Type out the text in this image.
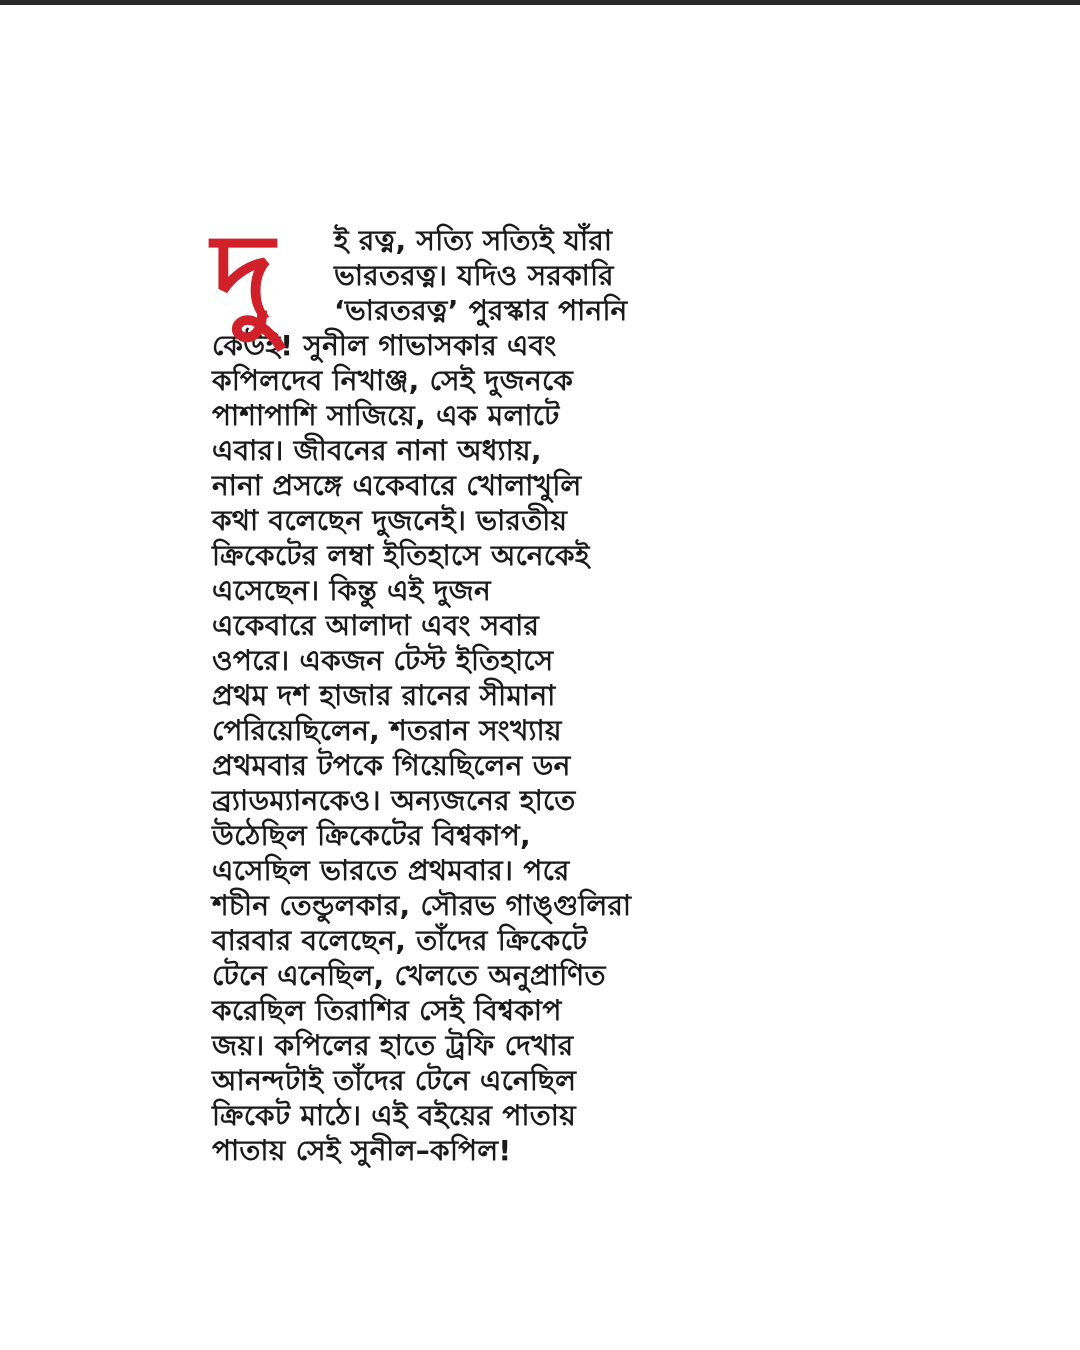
দু	ই রত্ন, সত্যি সত্যিই যাঁরা
ভারতরত্ন। যদিও সরকারি
‘ভারতরত্ন’ পুরস্কার পাননি
কেউই! সুনীল গাভাসকার এবং
কপিলদেব নিখাঞ্জ, সেই দুজনকে
পাশাপাশি সাজিয়ে, এক মলাটে
এবার। জীবনের নানা অধ্যায়,
নানা প্রসঙ্গে একেবারে খোলাখুলি
কথা বলেছেন দুজনেই। ভারতীয়
ক্রিকেটের লম্বা ইতিহাসে অনেকেই
এসেছেন। কিন্তু এই দুজন
একেবারে আলাদা এবং সবার
ওপরে। একজন টেস্ট ইতিহাসে
প্রথম দশ হাজার রানের সীমানা
পেরিয়েছিলেন, শতরান সংখ্যায়
প্রথমবার টপকে গিয়েছিলেন ডন
ব্র্যাডম্যানকেও। অন্যজনের হাতে
উঠেছিল ক্রিকেটের বিশ্বকাপ,
এসেছিল ভারতে প্রথমবার। পরে
শচীন তেন্ডুলকার, সৌরভ গাঙ্গুলিরা
বারবার বলেছেন, তাঁদের ক্রিকেটে
টেনে এনেছিল, খেলতে অনুপ্রাণিত
করেছিল তিরাশির সেই বিশ্বকাপ
জয়। কপিলের হাতে ট্রফি দেখার
আনন্দটাই তাঁদের টেনে এনেছিল
ক্রিকেট মাঠে। এই বইয়ের পাতায়
পাতায় সেই সুনীল–কপিল!
